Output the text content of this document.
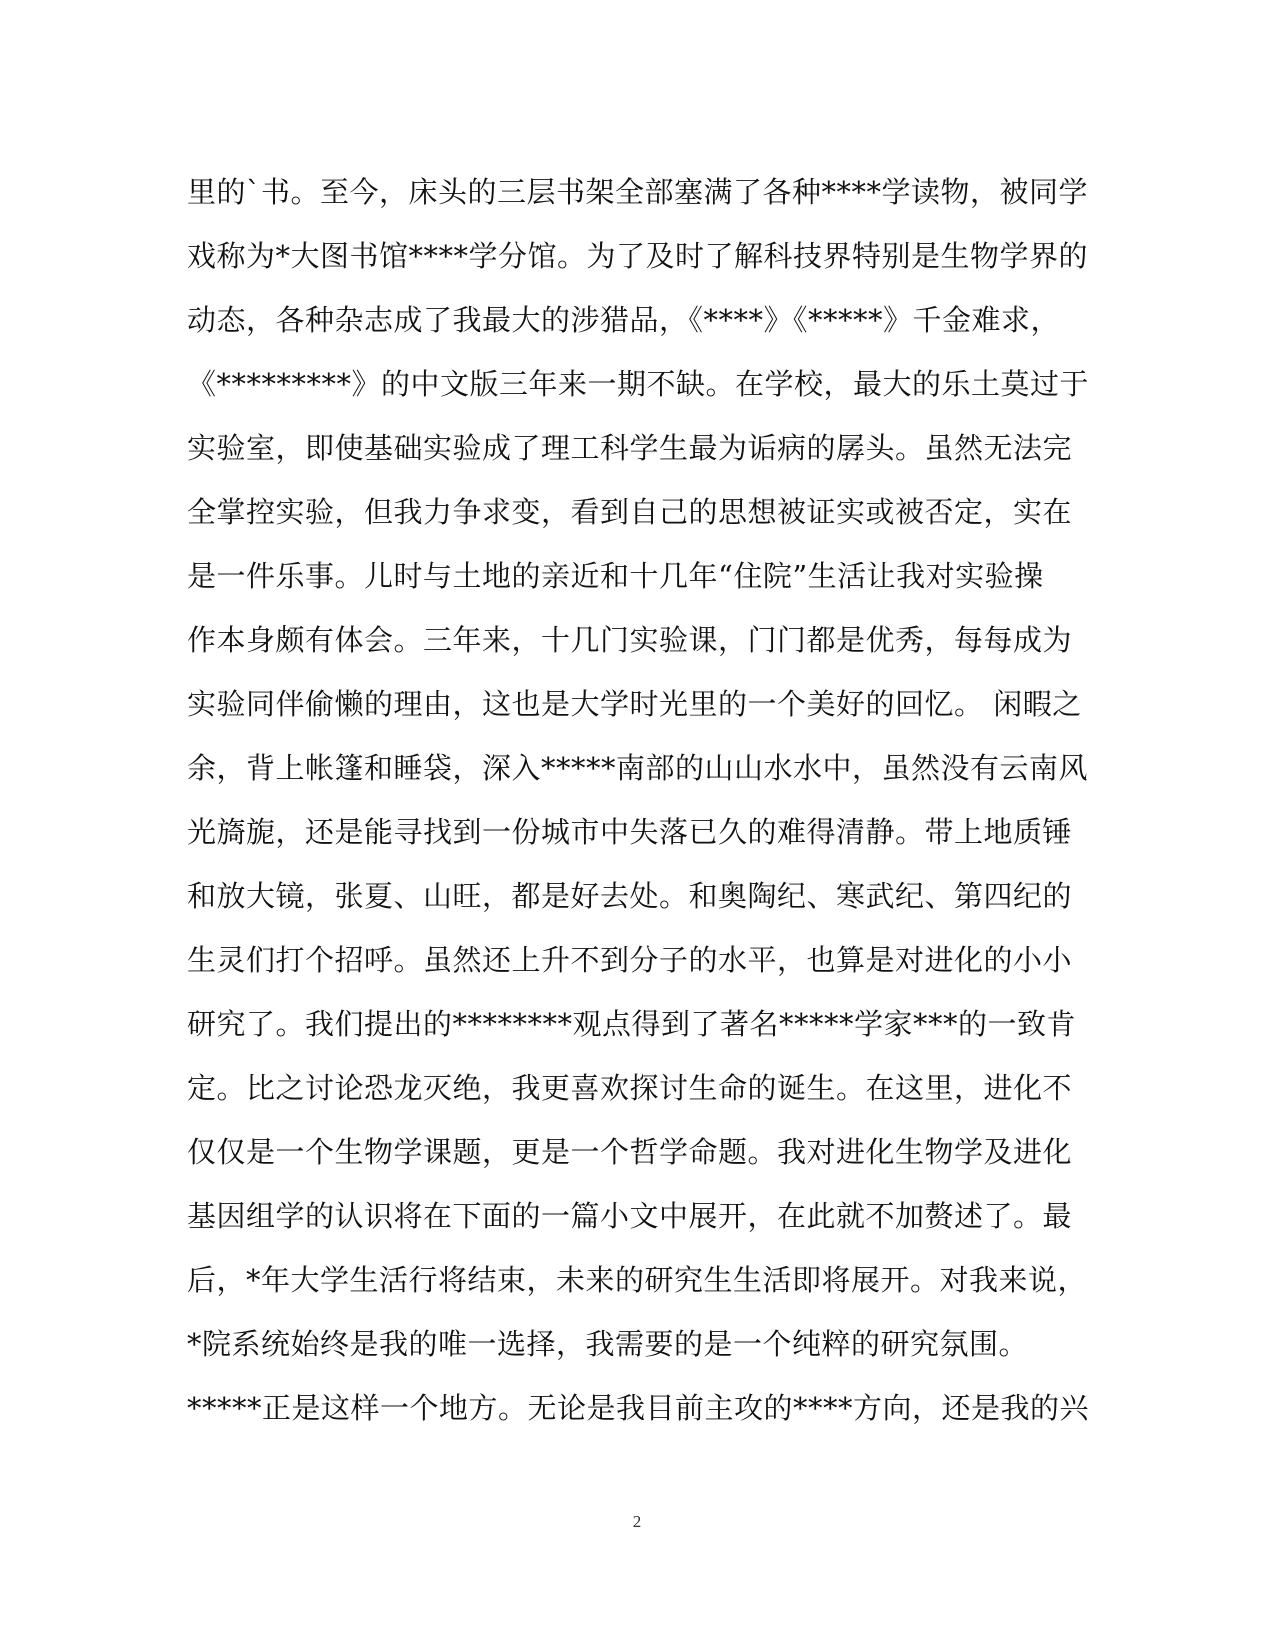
里的`书。至今，床头的三层书架全部塞满了各种****学读物，被同学
戏称为*大图书馆****学分馆。为了及时了解科技界特别是生物学界的
动态，各种杂志成了我最大的涉猎品，《****》《*****》千金难求，
《*********》的中文版三年来一期不缺。在学校，最大的乐土莫过于
实验室，即使基础实验成了理工科学生最为诟病的孱头。虽然无法完
全掌控实验，但我力争求变，看到自己的思想被证实或被否定，实在
是一件乐事。儿时与土地的亲近和十几年“住院”生活让我对实验操
作本身颇有体会。三年来，十几门实验课，门门都是优秀，每每成为
实验同伴偷懒的理由，这也是大学时光里的一个美好的回忆。 闲暇之
余，背上帐篷和睡袋，深入*****南部的山山水水中，虽然没有云南风
光旖旎，还是能寻找到一份城市中失落已久的难得清静。带上地质锤
和放大镜，张夏、山旺，都是好去处。和奥陶纪、寒武纪、第四纪的
生灵们打个招呼。虽然还上升不到分子的水平，也算是对进化的小小
研究了。我们提出的********观点得到了著名*****学家***的一致肯
定。比之讨论恐龙灭绝，我更喜欢探讨生命的诞生。在这里，进化不
仅仅是一个生物学课题，更是一个哲学命题。我对进化生物学及进化
基因组学的认识将在下面的一篇小文中展开，在此就不加赘述了。最
后，*年大学生活行将结束，未来的研究生生活即将展开。对我来说，
*院系统始终是我的唯一选择，我需要的是一个纯粹的研究氛围。
*****正是这样一个地方。无论是我目前主攻的****方向，还是我的兴
2
